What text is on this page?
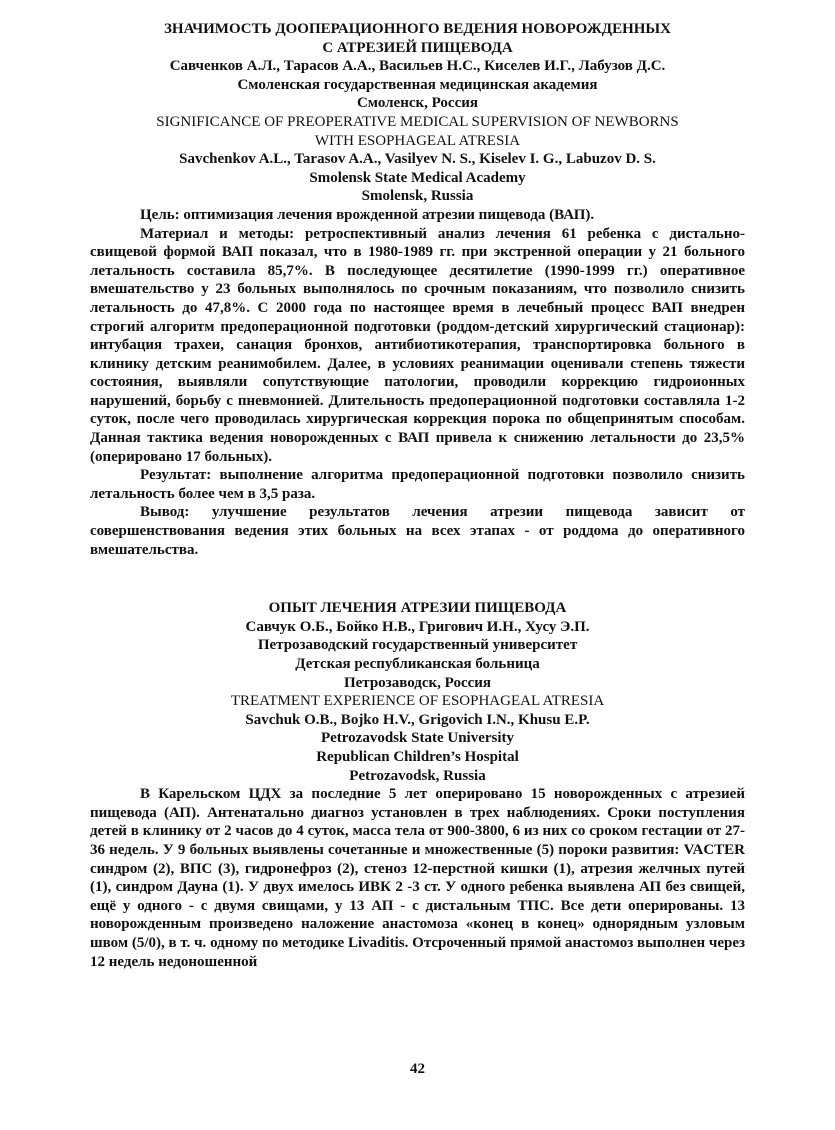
ЗНАЧИМОСТЬ ДООПЕРАЦИОННОГО ВЕДЕНИЯ НОВОРОЖДЕННЫХ

С АТРЕЗИЕЙ ПИЩЕВОДА

Савченков А.Л., Тарасов А.А., Васильев Н.С., Киселев И.Г., Лабузов Д.С.

Смоленская государственная медицинская академия

Смоленск, Россия

SIGNIFICANCE OF PREOPERATIVE MEDICAL SUPERVISION OF NEWBORNS

WITH ESOPHAGEAL ATRESIA

Savchenkov A.L., Tarasov A.A., Vasilyev N. S., Kiselev I. G., Labuzov D. S.

Smolensk State Medical Academy

Smolensk, Russia

Цель: оптимизация лечения врожденной атрезии пищевода (ВАП).

Материал и методы: ретроспективный анализ лечения 61 ребенка с дистально-свищевой формой ВАП показал, что в 1980-1989 гг. при экстренной операции у 21 больного летальность составила 85,7%. В последующее десятилетие (1990-1999 гг.) оперативное вмешательство у 23 больных выполнялось по срочным показаниям, что позволило снизить летальность до 47,8%. С 2000 года по настоящее время в лечебный процесс ВАП внедрен строгий алгоритм предоперационной подготовки (роддом-детский хирургический стационар): интубация трахеи, санация бронхов, антибиотикотерапия, транспортировка больного в клинику детским реанимобилем. Далее, в условиях реанимации оценивали степень тяжести состояния, выявляли сопутствующие патологии, проводили коррекцию гидроионных нарушений, борьбу с пневмонией. Длительность предоперационной подготовки составляла 1-2 суток, после чего проводилась хирургическая коррекция порока по общепринятым способам. Данная тактика ведения новорожденных с ВАП привела к снижению летальности до 23,5% (оперировано 17 больных).

Результат: выполнение алгоритма предоперационной подготовки позволило снизить летальность более чем в 3,5 раза.

Вывод: улучшение результатов лечения атрезии пищевода зависит от совершенствования ведения этих больных на всех этапах - от роддома до оперативного вмешательства.

ОПЫТ ЛЕЧЕНИЯ АТРЕЗИИ ПИЩЕВОДА

Савчук О.Б., Бойко Н.В., Григович И.Н., Хусу Э.П.

Петрозаводский государственный университет

Детская республиканская больница

Петрозаводск, Россия

TREATMENT EXPERIENCE OF ESOPHAGEAL ATRESIA

Savchuk O.B., Bojko H.V., Grigovich I.N., Khusu E.P.

Petrozavodsk State University

Republican Children’s Hospital

Petrozavodsk, Russia

В Карельском ЦДХ за последние 5 лет оперировано 15 новорожденных с атрезией пищевода (АП). Антенатально диагноз установлен в трех наблюдениях. Сроки поступления детей в клинику от 2 часов до 4 суток, масса тела от 900-3800, 6 из них со сроком гестации от 27-36 недель. У 9 больных выявлены сочетанные и множественные (5) пороки развития: VACTER синдром (2), ВПС (3), гидронефроз (2), стеноз 12-перстной кишки (1), атрезия желчных путей (1), синдром Дауна (1). У двух имелось ИВК 2 -3 ст. У одного ребенка выявлена АП без свищей, ещё у одного - с двумя свищами, у 13 АП - с дистальным ТПС. Все дети оперированы. 13 новорожденным произведено наложение анастомоза «конец в конец» однорядным узловым швом (5/0), в т. ч. одному по методике Livaditis. Отсроченный прямой анастомоз выполнен через 12 недель недоношенной

42
